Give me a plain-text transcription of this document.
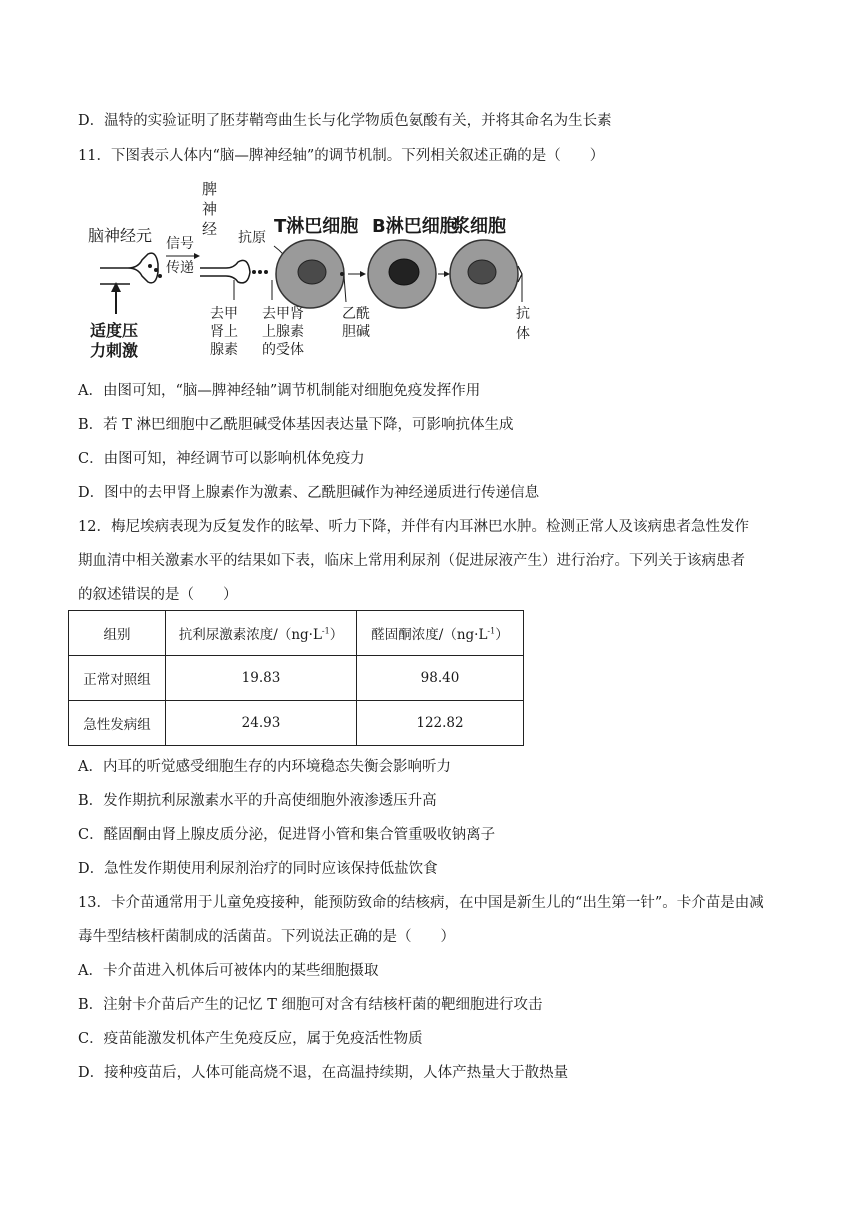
D．温特的实验证明了胚芽鞘弯曲生长与化学物质色氨酸有关，并将其命名为生长素
11．下图表示人体内“脑—脾神经轴”的调节机制。下列相关叙述正确的是（　　）
脑神经元
适度压
力刺激
信号
传递
脾
神
经
去甲
肾上
腺素
去甲肾
上腺素
的受体
抗原
T淋巴细胞
乙酰
胆碱
B淋巴细胞
浆细胞
抗
体
A．由图可知，“脑—脾神经轴”调节机制能对细胞免疫发挥作用
B．若 T 淋巴细胞中乙酰胆碱受体基因表达量下降，可影响抗体生成
C．由图可知，神经调节可以影响机体免疫力
D．图中的去甲肾上腺素作为激素、乙酰胆碱作为神经递质进行传递信息
12．梅尼埃病表现为反复发作的眩晕、听力下降，并伴有内耳淋巴水肿。检测正常人及该病患者急性发作
期血清中相关激素水平的结果如下表，临床上常用利尿剂（促进尿液产生）进行治疗。下列关于该病患者
的叙述错误的是（　　）
组别	抗利尿激素浓度$/(ng\cdot L^{-1})$	醛固酮浓度$/(ng\cdot L^{-1})$
正常对照组	19.83	98.40
急性发病组	24.93	122.82
A．内耳的听觉感受细胞生存的内环境稳态失衡会影响听力
B．发作期抗利尿激素水平的升高使细胞外液渗透压升高
C．醛固酮由肾上腺皮质分泌，促进肾小管和集合管重吸收钠离子
D．急性发作期使用利尿剂治疗的同时应该保持低盐饮食
13．卡介苗通常用于儿童免疫接种，能预防致命的结核病，在中国是新生儿的“出生第一针”。卡介苗是由减
毒牛型结核杆菌制成的活菌苗。下列说法正确的是（　　）
A．卡介苗进入机体后可被体内的某些细胞摄取
B．注射卡介苗后产生的记忆 T 细胞可对含有结核杆菌的靶细胞进行攻击
C．疫苗能激发机体产生免疫反应，属于免疫活性物质
D．接种疫苗后，人体可能高烧不退，在高温持续期，人体产热量大于散热量
